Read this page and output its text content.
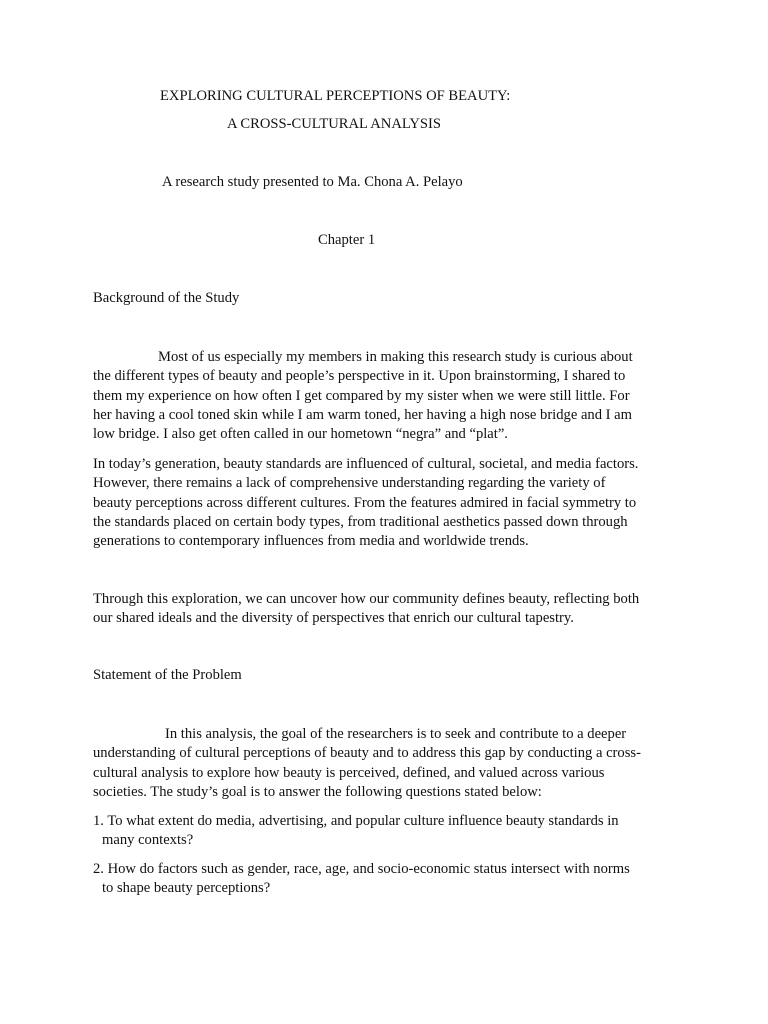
EXPLORING CULTURAL PERCEPTIONS OF BEAUTY:
A CROSS-CULTURAL ANALYSIS
A research study presented to Ma. Chona A. Pelayo
Chapter 1
Background of the Study
Most of us especially my members in making this research study is curious about
the different types of beauty and people’s perspective in it. Upon brainstorming, I shared to
them my experience on how often I get compared by my sister when we were still little. For
her having a cool toned skin while I am warm toned, her having a high nose bridge and I am
low bridge. I also get often called in our hometown “negra” and “plat”.
In today’s generation, beauty standards are influenced of cultural, societal, and media factors.
However, there remains a lack of comprehensive understanding regarding the variety of
beauty perceptions across different cultures. From the features admired in facial symmetry to
the standards placed on certain body types, from traditional aesthetics passed down through
generations to contemporary influences from media and worldwide trends.
Through this exploration, we can uncover how our community defines beauty, reflecting both
our shared ideals and the diversity of perspectives that enrich our cultural tapestry.
Statement of the Problem
In this analysis, the goal of the researchers is to seek and contribute to a deeper
understanding of cultural perceptions of beauty and to address this gap by conducting a cross-
cultural analysis to explore how beauty is perceived, defined, and valued across various
societies. The study’s goal is to answer the following questions stated below:
1. To what extent do media, advertising, and popular culture influence beauty standards in
many contexts?
2. How do factors such as gender, race, age, and socio-economic status intersect with norms
to shape beauty perceptions?
